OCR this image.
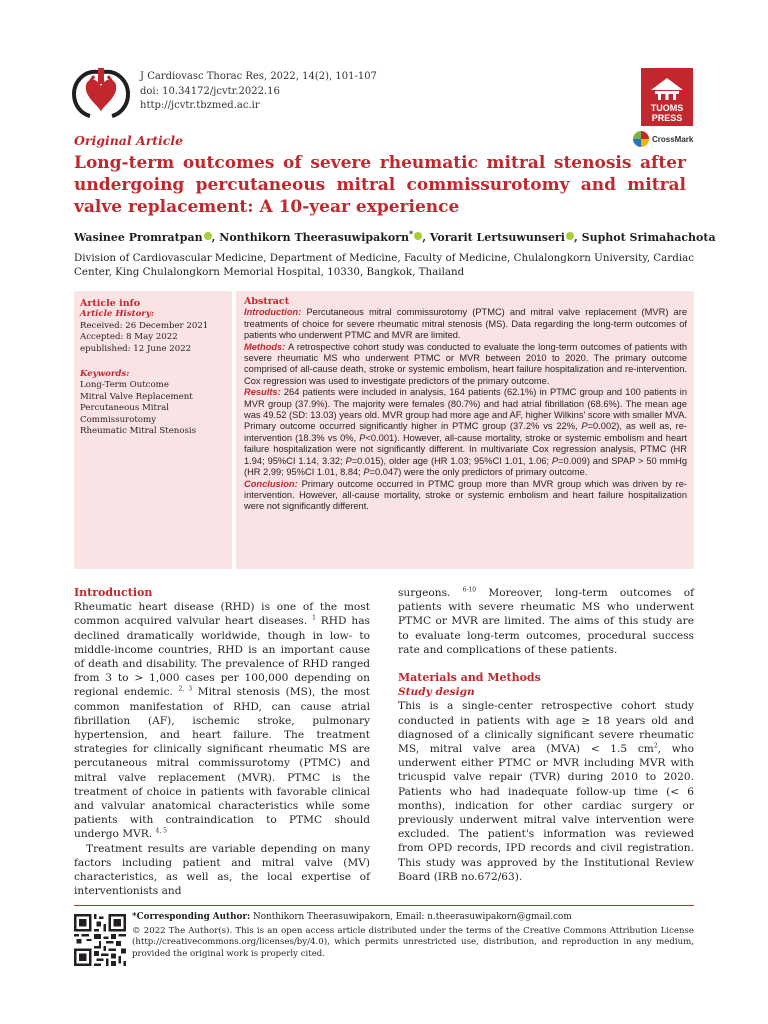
J Cardiovasc Thorac Res, 2022, 14(2), 101-107
doi: 10.34172/jcvtr.2022.16
http://jcvtr.tbzmed.ac.ir	TUOMS
PRESS
CrossMark
Original Article
Long-term outcomes of severe rheumatic mitral stenosis after undergoing percutaneous mitral commissurotomy and mitral valve replacement: A 10-year experience
Wasinee Promratpan , Nonthikorn Theerasuwipakorn* , Vorarit Lertsuwunseri , Suphot Srimahachota
Division of Cardiovascular Medicine, Department of Medicine, Faculty of Medicine, Chulalongkorn University, Cardiac Center, King Chulalongkorn Memorial Hospital, 10330, Bangkok, Thailand
Article info
Article History:
Received: 26 December 2021
Accepted: 8 May 2022
epublished: 12 June 2022
Keywords:
Long-Term Outcome
Mitral Valve Replacement
Percutaneous Mitral
Commissurotomy
Rheumatic Mitral Stenosis
Abstract

Introduction: Percutaneous mitral commissurotomy (PTMC) and mitral valve replacement (MVR) are treatments of choice for severe rheumatic mitral stenosis (MS). Data regarding the long-term outcomes of patients who underwent PTMC and MVR are limited.

Methods: A retrospective cohort study was conducted to evaluate the long-term outcomes of patients with severe rheumatic MS who underwent PTMC or MVR between 2010 to 2020. The primary outcome comprised of all-cause death, stroke or systemic embolism, heart failure hospitalization and re-intervention. Cox regression was used to investigate predictors of the primary outcome.

Results: 264 patients were included in analysis, 164 patients (62.1%) in PTMC group and 100 patients in MVR group (37.9%). The majority were females (80.7%) and had atrial fibrillation (68.6%). The mean age was 49.52 (SD: 13.03) years old. MVR group had more age and AF, higher Wilkins' score with smaller MVA. Primary outcome occurred significantly higher in PTMC group (37.2% vs 22%, P=0.002), as well as, re-intervention (18.3% vs 0%, P<0.001). However, all-cause mortality, stroke or systemic embolism and heart failure hospitalization were not significantly different. In multivariate Cox regression analysis, PTMC (HR 1.94; 95%CI 1.14, 3.32; P=0.015), older age (HR 1.03; 95%CI 1.01, 1.06; P=0.009) and SPAP > 50 mmHg (HR 2.99; 95%CI 1.01, 8.84; P=0.047) were the only predictors of primary outcome.

Conclusion: Primary outcome occurred in PTMC group more than MVR group which was driven by re-intervention. However, all-cause mortality, stroke or systemic embolism and heart failure hospitalization were not significantly different.

Introduction

Rheumatic heart disease (RHD) is one of the most common acquired valvular heart diseases. $^1$ RHD has declined dramatically worldwide, though in low- to middle-income countries, RHD is an important cause of death and disability. The prevalence of RHD ranged from 3 to > 1,000 cases per 100,000 depending on regional endemic. $^{2, 3}$ Mitral stenosis (MS), the most common manifestation of RHD, can cause atrial fibrillation (AF), ischemic stroke, pulmonary hypertension, and heart failure. The treatment strategies for clinically significant rheumatic MS are percutaneous mitral commissurotomy (PTMC) and mitral valve replacement (MVR). PTMC is the treatment of choice in patients with favorable clinical and valvular anatomical characteristics while some patients with contraindication to PTMC should undergo MVR. $^{4, 5}$

Treatment results are variable depending on many factors including patient and mitral valve (MV) characteristics, as well as, the local expertise of interventionists and

surgeons. $^{6-10}$ Moreover, long-term outcomes of patients with severe rheumatic MS who underwent PTMC or MVR are limited. The aims of this study are to evaluate long-term outcomes, procedural success rate and complications of these patients.

Materials and Methods
Study design

This is a single-center retrospective cohort study conducted in patients with age ≥ 18 years old and diagnosed of a clinically significant severe rheumatic MS, mitral valve area (MVA) < 1.5 $cm^2$, who underwent either PTMC or MVR including MVR with tricuspid valve repair (TVR) during 2010 to 2020. Patients who had inadequate follow-up time (< 6 months), indication for other cardiac surgery or previously underwent mitral valve intervention were excluded. The patient's information was reviewed from OPD records, IPD records and civil registration. This study was approved by the Institutional Review Board (IRB no.672/63).

*Corresponding Author: Nonthikorn Theerasuwipakorn, Email: n.theerasuwipakorn@gmail.com

© 2022 The Author(s). This is an open access article distributed under the terms of the Creative Commons Attribution License (http://creativecommons.org/licenses/by/4.0), which permits unrestricted use, distribution, and reproduction in any medium, provided the original work is properly cited.
